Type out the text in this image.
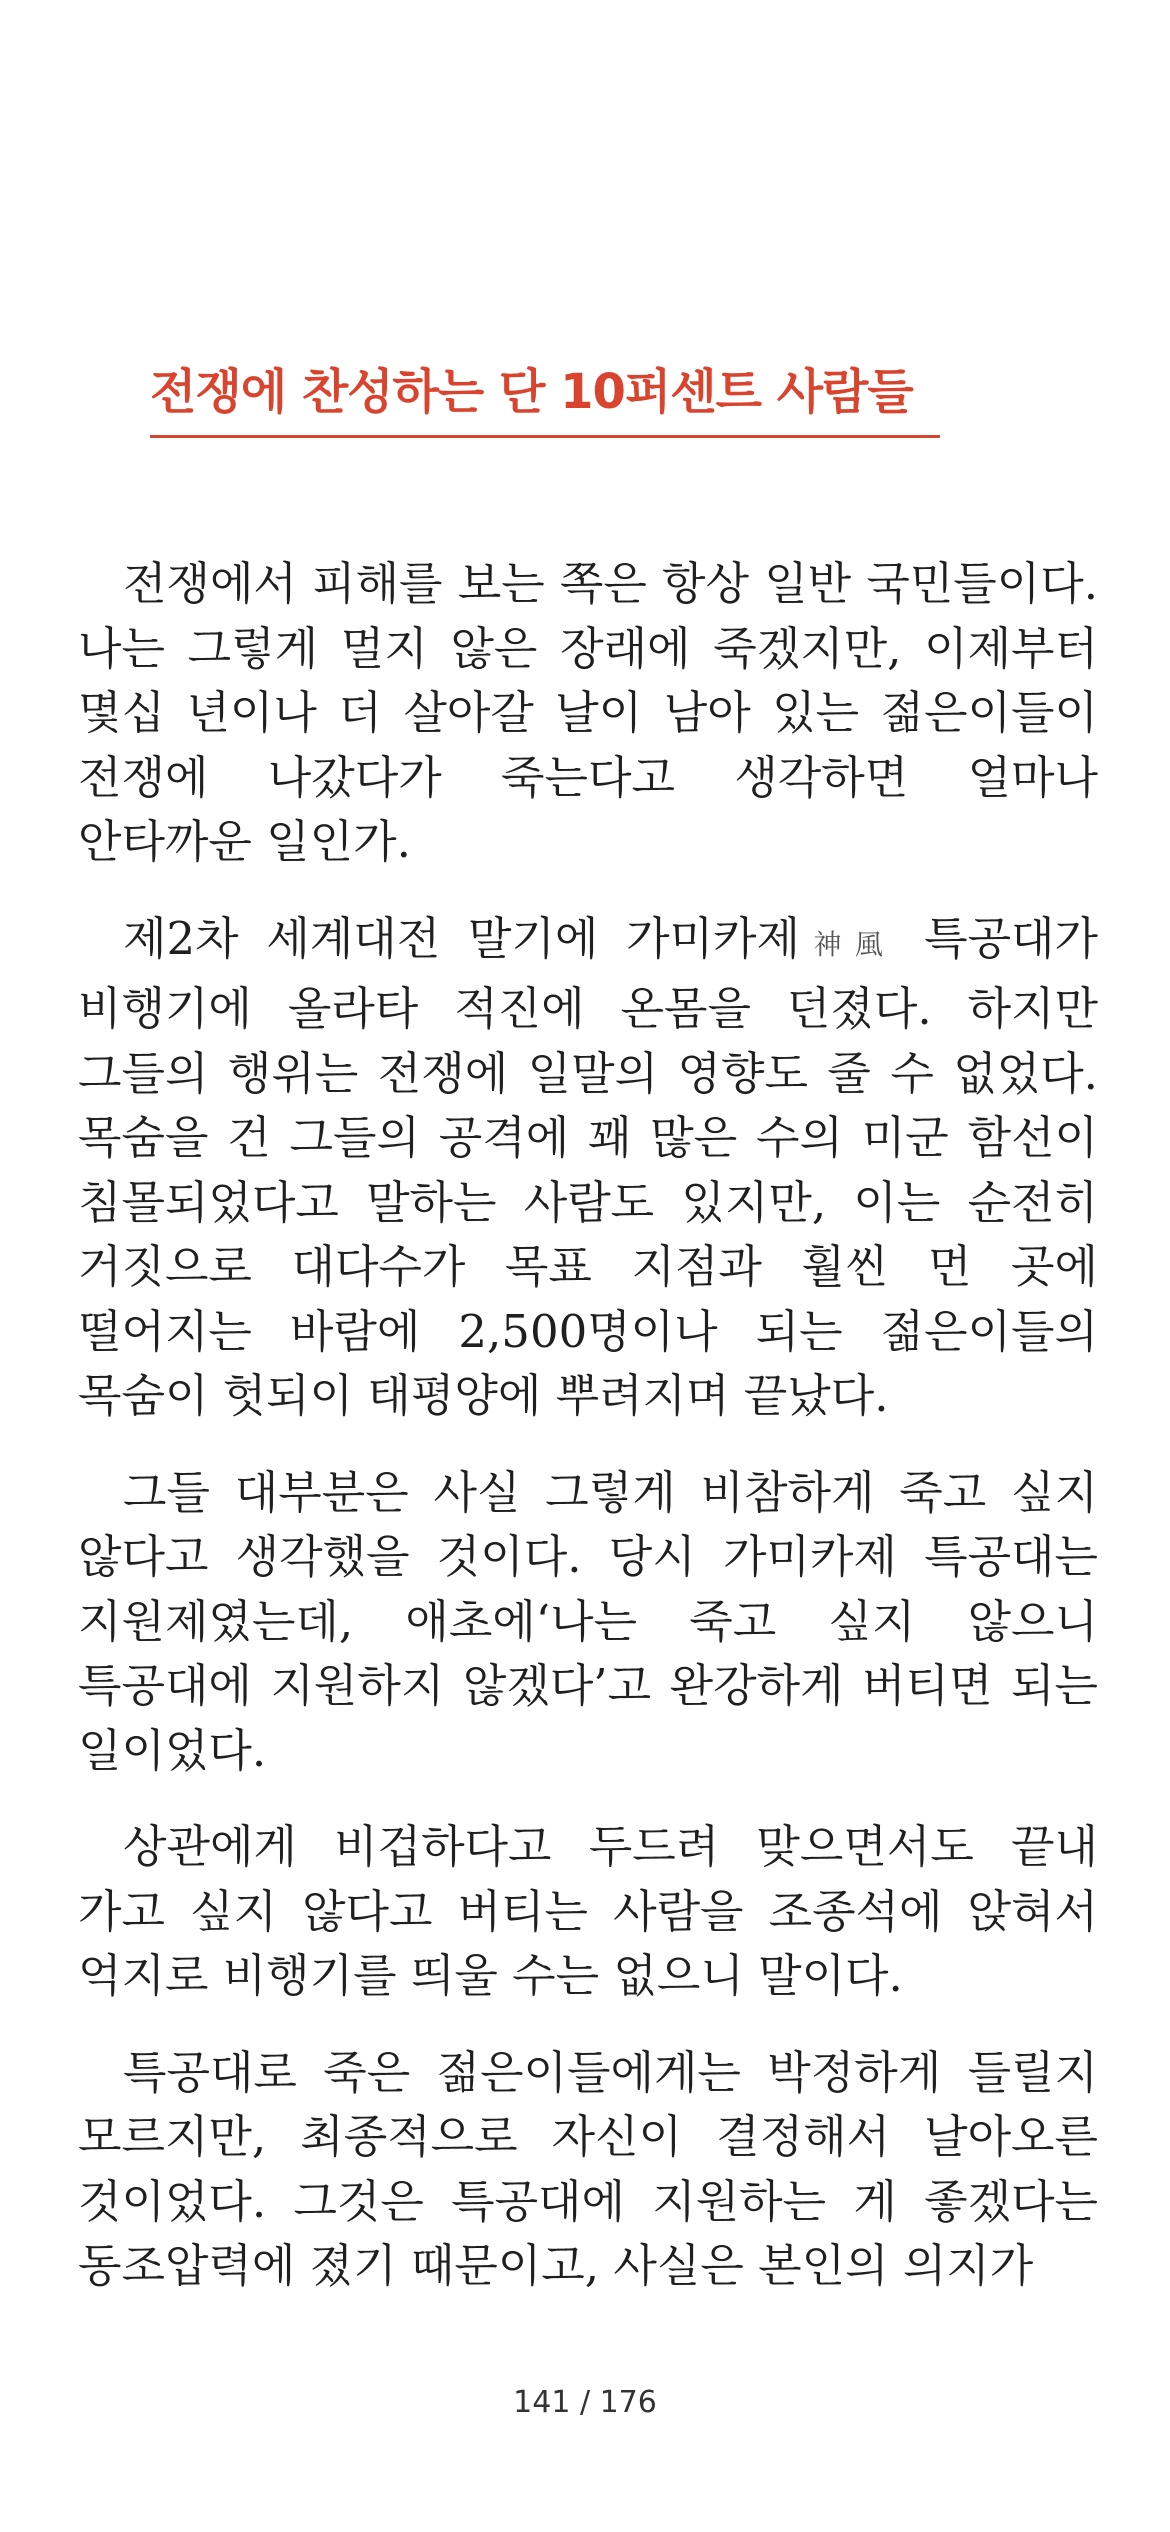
전쟁에 찬성하는 단 10퍼센트 사람들

전쟁에서 피해를 보는 쪽은 항상 일반 국민들이다. 나는 그렇게 멀지 않은 장래에 죽겠지만, 이제부터 몇십 년이나 더 살아갈 날이 남아 있는 젊은이들이 전쟁에 나갔다가 죽는다고 생각하면 얼마나 안타까운 일인가.

제2차 세계대전 말기에 가미카제神風 특공대가 비행기에 올라타 적진에 온몸을 던졌다. 하지만 그들의 행위는 전쟁에 일말의 영향도 줄 수 없었다. 목숨을 건 그들의 공격에 꽤 많은 수의 미군 함선이 침몰되었다고 말하는 사람도 있지만, 이는 순전히 거짓으로 대다수가 목표 지점과 훨씬 먼 곳에 떨어지는 바람에 2,500명이나 되는 젊은이들의 목숨이 헛되이 태평양에 뿌려지며 끝났다.

그들 대부분은 사실 그렇게 비참하게 죽고 싶지 않다고 생각했을 것이다. 당시 가미카제 특공대는 지원제였는데, 애초에‘나는 죽고 싶지 않으니 특공대에 지원하지 않겠다’고 완강하게 버티면 되는 일이었다.

상관에게 비겁하다고 두드려 맞으면서도 끝내 가고 싶지 않다고 버티는 사람을 조종석에 앉혀서 억지로 비행기를 띄울 수는 없으니 말이다.

특공대로 죽은 젊은이들에게는 박정하게 들릴지 모르지만, 최종적으로 자신이 결정해서 날아오른 것이었다. 그것은 특공대에 지원하는 게 좋겠다는 동조압력에 졌기 때문이고, 사실은 본인의 의지가

141 / 176
